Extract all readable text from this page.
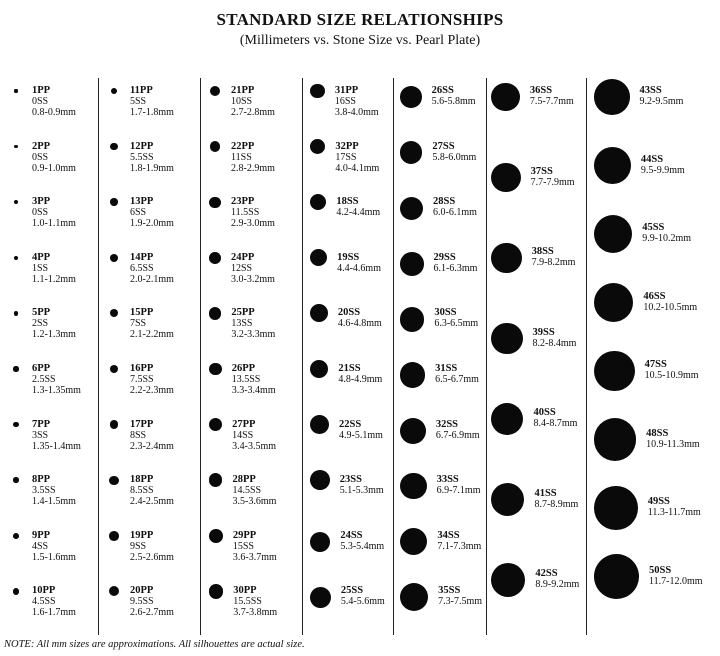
STANDARD SIZE RELATIONSHIPS
(Millimeters vs. Stone Size vs. Pearl Plate)
1PP
0SS
0.8-0.9mm
2PP
0SS
0.9-1.0mm
3PP
0SS
1.0-1.1mm
4PP
1SS
1.1-1.2mm
5PP
2SS
1.2-1.3mm
6PP
2.5SS
1.3-1.35mm
7PP
3SS
1.35-1.4mm
8PP
3.5SS
1.4-1.5mm
9PP
4SS
1.5-1.6mm
10PP
4.5SS
1.6-1.7mm
11PP
5SS
1.7-1.8mm
12PP
5.5SS
1.8-1.9mm
13PP
6SS
1.9-2.0mm
14PP
6.5SS
2.0-2.1mm
15PP
7SS
2.1-2.2mm
16PP
7.5SS
2.2-2.3mm
17PP
8SS
2.3-2.4mm
18PP
8.5SS
2.4-2.5mm
19PP
9SS
2.5-2.6mm
20PP
9.5SS
2.6-2.7mm
21PP
10SS
2.7-2.8mm
22PP
11SS
2.8-2.9mm
23PP
11.5SS
2.9-3.0mm
24PP
12SS
3.0-3.2mm
25PP
13SS
3.2-3.3mm
26PP
13.5SS
3.3-3.4mm
27PP
14SS
3.4-3.5mm
28PP
14.5SS
3.5-3.6mm
29PP
15SS
3.6-3.7mm
30PP
15.5SS
3.7-3.8mm
31PP
16SS
3.8-4.0mm
32PP
17SS
4.0-4.1mm
18SS
4.2-4.4mm
19SS
4.4-4.6mm
20SS
4.6-4.8mm
21SS
4.8-4.9mm
22SS
4.9-5.1mm
23SS
5.1-5.3mm
24SS
5.3-5.4mm
25SS
5.4-5.6mm
26SS
5.6-5.8mm
27SS
5.8-6.0mm
28SS
6.0-6.1mm
29SS
6.1-6.3mm
30SS
6.3-6.5mm
31SS
6.5-6.7mm
32SS
6.7-6.9mm
33SS
6.9-7.1mm
34SS
7.1-7.3mm
35SS
7.3-7.5mm
36SS
7.5-7.7mm
37SS
7.7-7.9mm
38SS
7.9-8.2mm
39SS
8.2-8.4mm
40SS
8.4-8.7mm
41SS
8.7-8.9mm
42SS
8.9-9.2mm
43SS
9.2-9.5mm
44SS
9.5-9.9mm
45SS
9.9-10.2mm
46SS
10.2-10.5mm
47SS
10.5-10.9mm
48SS
10.9-11.3mm
49SS
11.3-11.7mm
50SS
11.7-12.0mm
NOTE: All mm sizes are approximations. All silhouettes are actual size.
